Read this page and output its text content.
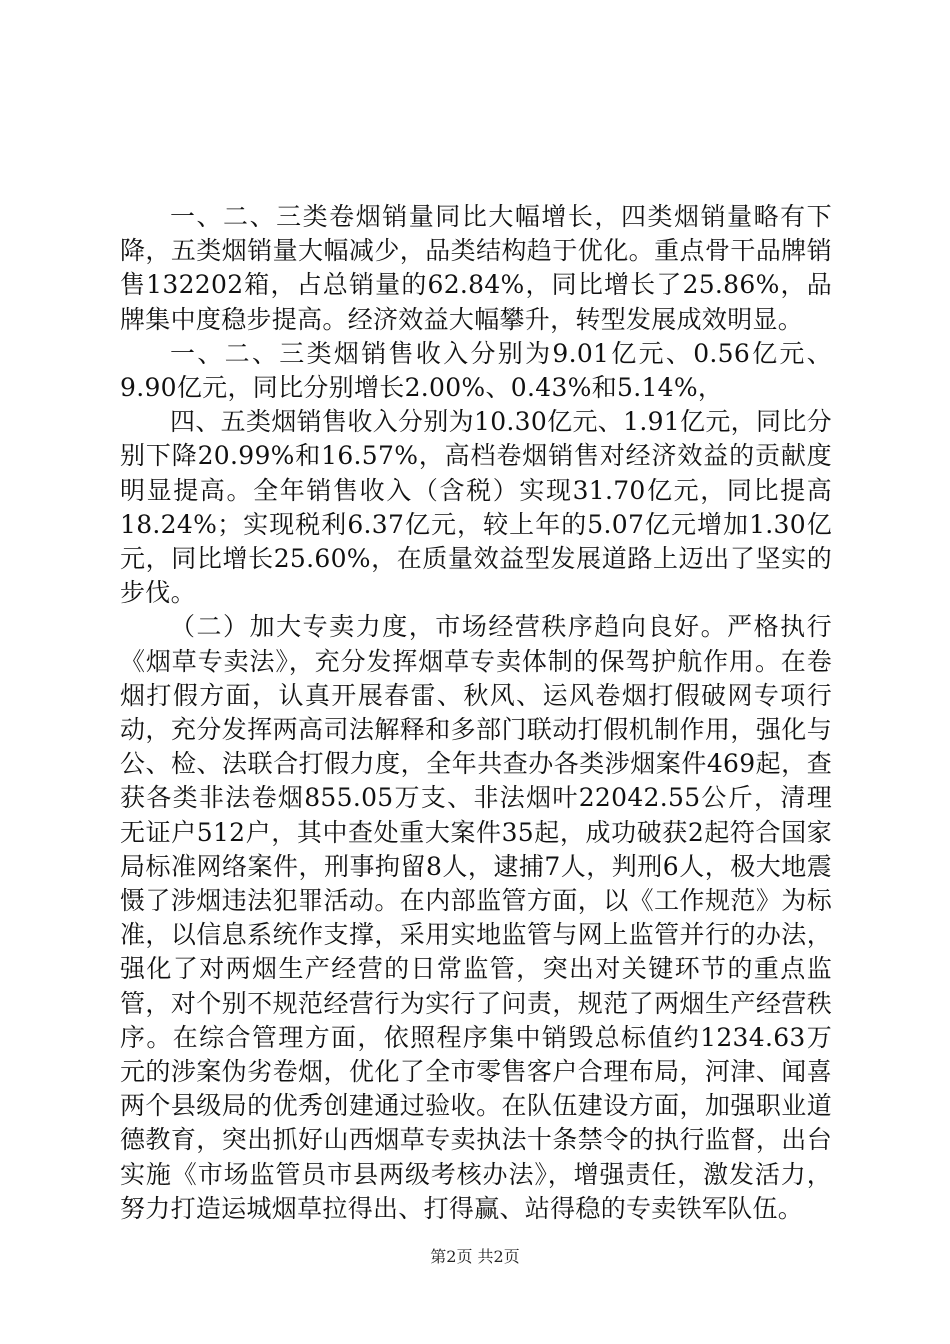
一、二、三类卷烟销量同比大幅增长，四类烟销量略有下降，五类烟销量大幅减少，品类结构趋于优化。重点骨干品牌销售132202箱，占总销量的62.84%，同比增长了25.86%，品牌集中度稳步提高。经济效益大幅攀升，转型发展成效明显。

一、二、三类烟销售收入分别为9.01亿元、0.56亿元、9.90亿元，同比分别增长2.00%、0.43%和5.14%，

四、五类烟销售收入分别为10.30亿元、1.91亿元，同比分别下降20.99%和16.57%，高档卷烟销售对经济效益的贡献度明显提高。全年销售收入（含税）实现31.70亿元，同比提高18.24%；实现税利6.37亿元，较上年的5.07亿元增加1.30亿元，同比增长25.60%，在质量效益型发展道路上迈出了坚实的步伐。

（二）加大专卖力度，市场经营秩序趋向良好。严格执行《烟草专卖法》，充分发挥烟草专卖体制的保驾护航作用。在卷烟打假方面，认真开展春雷、秋风、运风卷烟打假破网专项行动，充分发挥两高司法解释和多部门联动打假机制作用，强化与公、检、法联合打假力度，全年共查办各类涉烟案件469起，查获各类非法卷烟855.05万支、非法烟叶22042.55公斤，清理无证户512户，其中查处重大案件35起，成功破获2起符合国家局标准网络案件，刑事拘留8人，逮捕7人，判刑6人，极大地震慑了涉烟违法犯罪活动。在内部监管方面，以《工作规范》为标准，以信息系统作支撑，采用实地监管与网上监管并行的办法，强化了对两烟生产经营的日常监管，突出对关键环节的重点监管，对个别不规范经营行为实行了问责，规范了两烟生产经营秩序。在综合管理方面，依照程序集中销毁总标值约1234.63万元的涉案伪劣卷烟，优化了全市零售客户合理布局，河津、闻喜两个县级局的优秀创建通过验收。在队伍建设方面，加强职业道德教育，突出抓好山西烟草专卖执法十条禁令的执行监督，出台实施《市场监管员市县两级考核办法》，增强责任，激发活力，努力打造运城烟草拉得出、打得赢、站得稳的专卖铁军队伍。

第2页 共2页
